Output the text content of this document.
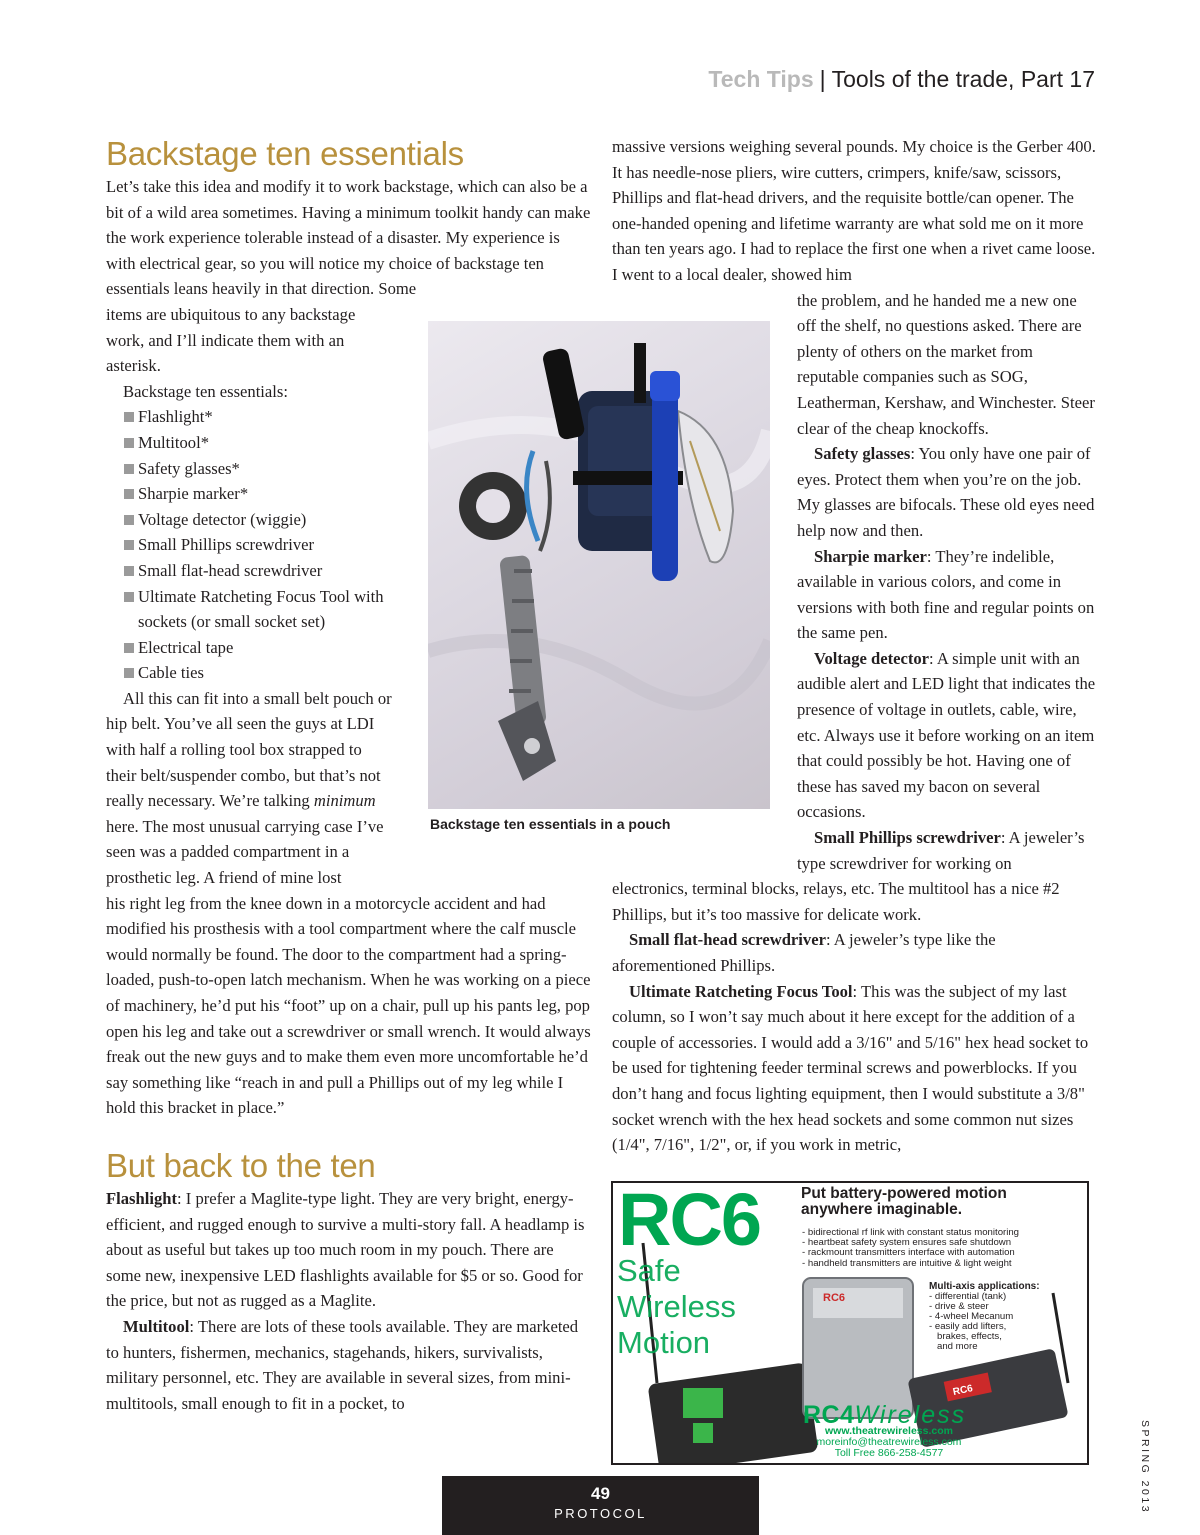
Tech Tips | Tools of the trade, Part 17
Backstage ten essentials

Let’s take this idea and modify it to work backstage, which can also be a bit of a wild area sometimes. Having a minimum toolkit handy can make the work experience tolerable instead of a disaster. My experience is with electrical gear, so you will notice my choice of backstage ten essentials leans heavily in that direction. Some

items are ubiquitous to any backstage work, and I’ll indicate them with an asterisk.

Backstage ten essentials:

Flashlight*
Multitool*
Safety glasses*
Sharpie marker*
Voltage detector (wiggie)
Small Phillips screwdriver
Small flat-head screwdriver
Ultimate Ratcheting Focus Tool with sockets (or small socket set)
Electrical tape
Cable ties

All this can fit into a small belt pouch or hip belt. You’ve all seen the guys at LDI with half a rolling tool box strapped to their belt/suspender combo, but that’s not really necessary. We’re talking minimum here. The most unusual carrying case I’ve seen was a padded compartment in a prosthetic leg. A friend of mine lost

his right leg from the knee down in a motorcycle accident and had modified his prosthesis with a tool compartment where the calf muscle would normally be found. The door to the compartment had a spring-loaded, push-to-open latch mechanism. When he was working on a piece of machinery, he’d put his “foot” up on a chair, pull up his pants leg, pop open his leg and take out a screwdriver or small wrench. It would always freak out the new guys and to make them even more uncomfortable he’d say something like “reach in and pull a Phillips out of my leg while I hold this bracket in place.”

But back to the ten

Flashlight: I prefer a Maglite-type light. They are very bright, energy-efficient, and rugged enough to survive a multi-story fall. A headlamp is about as useful but takes up too much room in my pouch. There are some new, inexpensive LED flashlights available for $5 or so. Good for the price, but not as rugged as a Maglite.

Multitool: There are lots of these tools available. They are marketed to hunters, fishermen, mechanics, stagehands, hikers, survivalists, military personnel, etc. They are available in several sizes, from mini-multitools, small enough to fit in a pocket, to

Backstage ten essentials in a pouch

massive versions weighing several pounds. My choice is the Gerber 400. It has needle-nose pliers, wire cutters, crimpers, knife/saw, scissors, Phillips and flat-head drivers, and the requisite bottle/can opener. The one-handed opening and lifetime warranty are what sold me on it more than ten years ago. I had to replace the first one when a rivet came loose. I went to a local dealer, showed him

the problem, and he handed me a new one off the shelf, no questions asked. There are plenty of others on the market from reputable companies such as SOG, Leatherman, Kershaw, and Winchester. Steer clear of the cheap knockoffs.

Safety glasses: You only have one pair of eyes. Protect them when you’re on the job. My glasses are bifocals. These old eyes need help now and then.

Sharpie marker: They’re indelible, available in various colors, and come in versions with both fine and regular points on the same pen.

Voltage detector: A simple unit with an audible alert and LED light that indicates the presence of voltage in outlets, cable, wire, etc. Always use it before working on an item that could possibly be hot. Having one of these has saved my bacon on several occasions.

Small Phillips screwdriver: A jeweler’s type screwdriver for working on

electronics, terminal blocks, relays, etc. The multitool has a nice #2 Phillips, but it’s too massive for delicate work.

Small flat-head screwdriver: A jeweler’s type like the aforementioned Phillips.

Ultimate Ratcheting Focus Tool: This was the subject of my last column, so I won’t say much about it here except for the addition of a couple of accessories. I would add a 3/16" and 5/16" hex head socket to be used for tightening feeder terminal screws and powerblocks. If you don’t hang and focus lighting equipment, then I would substitute a 3/8" socket wrench with the hex head sockets and some common nut sizes (1/4", 7/16", 1/2", or, if you work in metric,

RC6
RC6
RC6
Safe Wireless Motion
Put battery-powered motion anywhere imaginable.
- bidirectional rf link with constant status monitoring
- heartbeat safety system ensures safe shutdown
- rackmount transmitters interface with automation
- handheld transmitters are intuitive & light weight
Multi-axis applications:
- differential (tank)
- drive & steer
- 4-wheel Mecanum
- easily add lifters,
brakes, effects,
and more
RC4Wireless
www.theatrewireless.com
moreinfo@theatrewireless.com
Toll Free 866-258-4577
49
PROTOCOL	SPRING 2013
